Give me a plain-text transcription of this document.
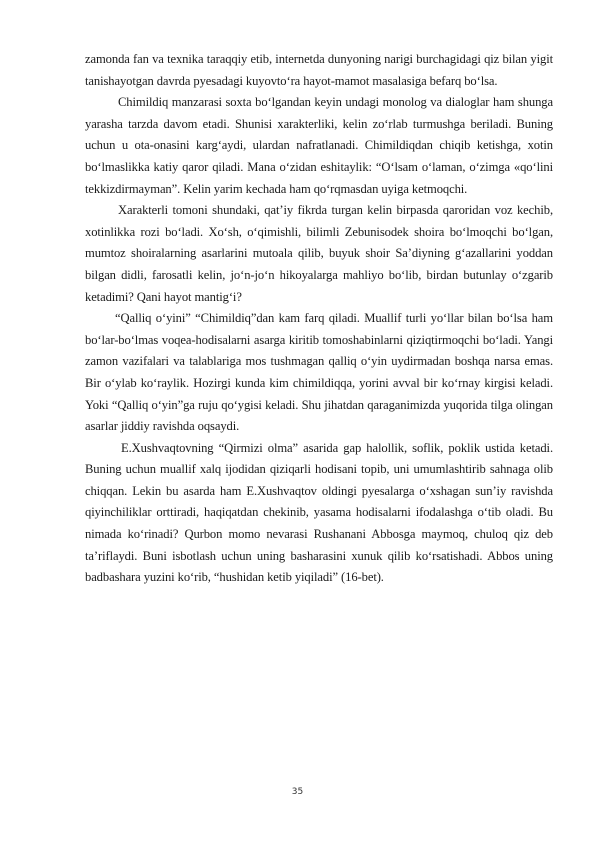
zamonda fan va texnika taraqqiy etib, internetda dunyoning narigi burchagidagi qiz bilan yigit tanishayotgan davrda pyesadagi kuyovto‘ra hayot-mamot masalasiga befarq bo‘lsa.

Chimildiq manzarasi soxta bo‘lgandan keyin undagi monolog va dialoglar ham shunga yarasha tarzda davom etadi. Shunisi xarakterliki, kelin zo‘rlab turmushga beriladi. Buning uchun u ota-onasini karg‘aydi, ulardan nafratlanadi. Chimildiqdan chiqib ketishga, xotin bo‘lmaslikka katiy qaror qiladi. Mana o‘zidan eshitaylik: “O‘lsam o‘laman, o‘zimga «qo‘lini tekkizdirmayman”. Kelin yarim kechada ham qo‘rqmasdan uyiga ketmoqchi.

Xarakterli tomoni shundaki, qat’iy fikrda turgan kelin birpasda qaroridan voz kechib, xotinlikka rozi bo‘ladi. Xo‘sh, o‘qimishli, bilimli Zebunisodek shoira bo‘lmoqchi bo‘lgan, mumtoz shoiralarning asarlarini mutoala qilib, buyuk shoir Sa’diyning g‘azallarini yoddan bilgan didli, farosatli kelin, jo‘n-jo‘n hikoyalarga mahliyo bo‘lib, birdan butunlay o‘zgarib ketadimi? Qani hayot mantig‘i?

“Qalliq o‘yini” “Chimildiq”dan kam farq qiladi. Muallif turli yo‘llar bilan bo‘lsa ham bo‘lar-bo‘lmas voqea-hodisalarni asarga kiritib tomoshabinlarni qiziqtirmoqchi bo‘ladi. Yangi zamon vazifalari va talablariga mos tushmagan qalliq o‘yin uydirmadan boshqa narsa emas. Bir o‘ylab ko‘raylik. Hozirgi kunda kim chimildiqqa, yorini avval bir ko‘rnay kirgisi keladi. Yoki “Qalliq o‘yin”ga ruju qo‘ygisi keladi. Shu jihatdan qaraganimizda yuqorida tilga olingan asarlar jiddiy ravishda oqsaydi.

E.Xushvaqtovning “Qirmizi olma” asarida gap halollik, soflik, poklik ustida ketadi. Buning uchun muallif xalq ijodidan qiziqarli hodisani topib, uni umumlashtirib sahnaga olib chiqqan. Lekin bu asarda ham E.Xushvaqtov oldingi pyesalarga o‘xshagan sun’iy ravishda qiyinchiliklar orttiradi, haqiqatdan chekinib, yasama hodisalarni ifodalashga o‘tib oladi. Bu nimada ko‘rinadi? Qurbon momo nevarasi Rushanani Abbosga maymoq, chuloq qiz deb ta’riflaydi. Buni isbotlash uchun uning basharasini xunuk qilib ko‘rsatishadi. Abbos uning badbashara yuzini ko‘rib, “hushidan ketib yiqiladi” (16-bet).

35
